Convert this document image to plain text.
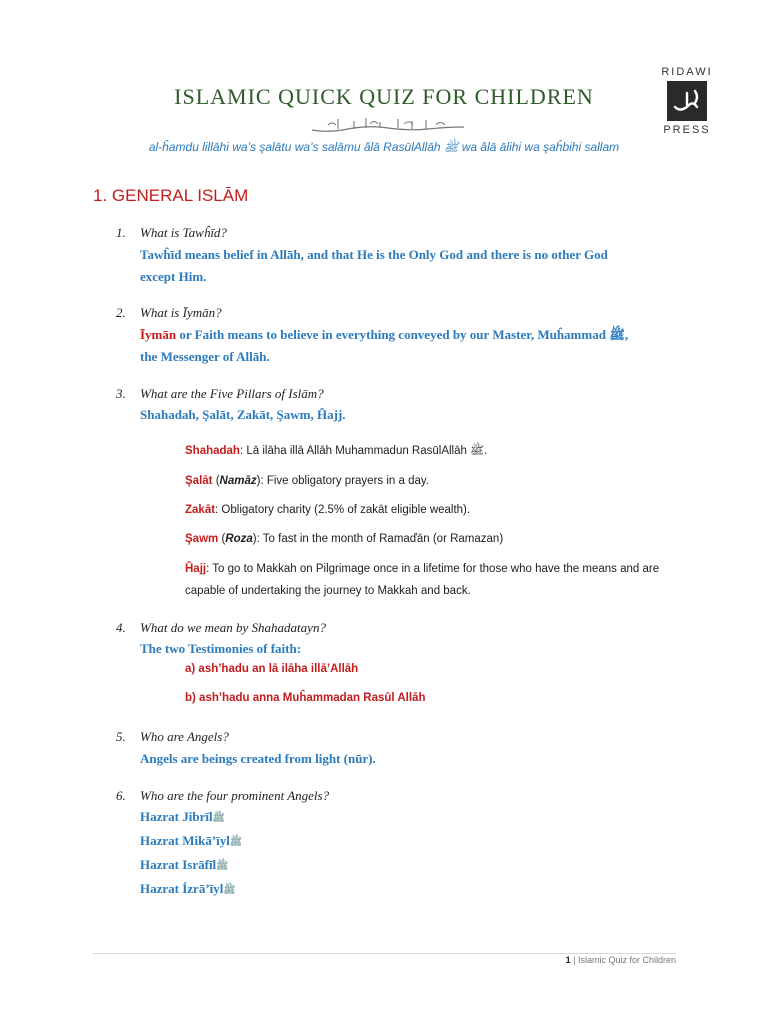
ISLAMIC QUICK QUIZ FOR CHILDREN
al-ĥamdu lillāhi wa’s şalātu wa’s salāmu ǎlā RasūlAllāh ﷺ wa ǎlā ālihi wa şaĥbihi sallam
RIDAWI
PRESS
1. GENERAL ISLĀM
1. What is Tawĥīd?
Tawĥīd means belief in Allāh, and that He is the Only God and there is no other God
except Him.
2. What is Īymān?
Īymān or Faith means to believe in everything conveyed by our Master, Muĥammad ﷺ,
the Messenger of Allāh.
3. What are the Five Pillars of Islām?
Shahadah, Şalāt, Zakāt, Şawm, Ĥajj.
Shahadah: Lā ilāha illā Allāh Muhammadun RasūlAllāh ﷺ.
Şalāt (Namāz): Five obligatory prayers in a day.
Zakāt: Obligatory charity (2.5% of zakāt eligible wealth).
Şawm (Roza): To fast in the month of Ramaďān (or Ramazan)
Ĥajj: To go to Makkah on Pilgrimage once in a lifetime for those who have the means and are
capable of undertaking the journey to Makkah and back.
4. What do we mean by Shahadatayn?
The two Testimonies of faith:
a) ash’hadu an lā ilāha illā’Allāh
b) ash’hadu anna Muĥammadan Rasūl Allāh
5. Who are Angels?
Angels are beings created from light (nūr).
6. Who are the four prominent Angels?
Hazrat Jibrīlﷺ
Hazrat Mikā’īylﷺ
Hazrat Isrāfīlﷺ
Hazrat Ízrā’īylﷺ
1 | Islamic Quiz for Children
